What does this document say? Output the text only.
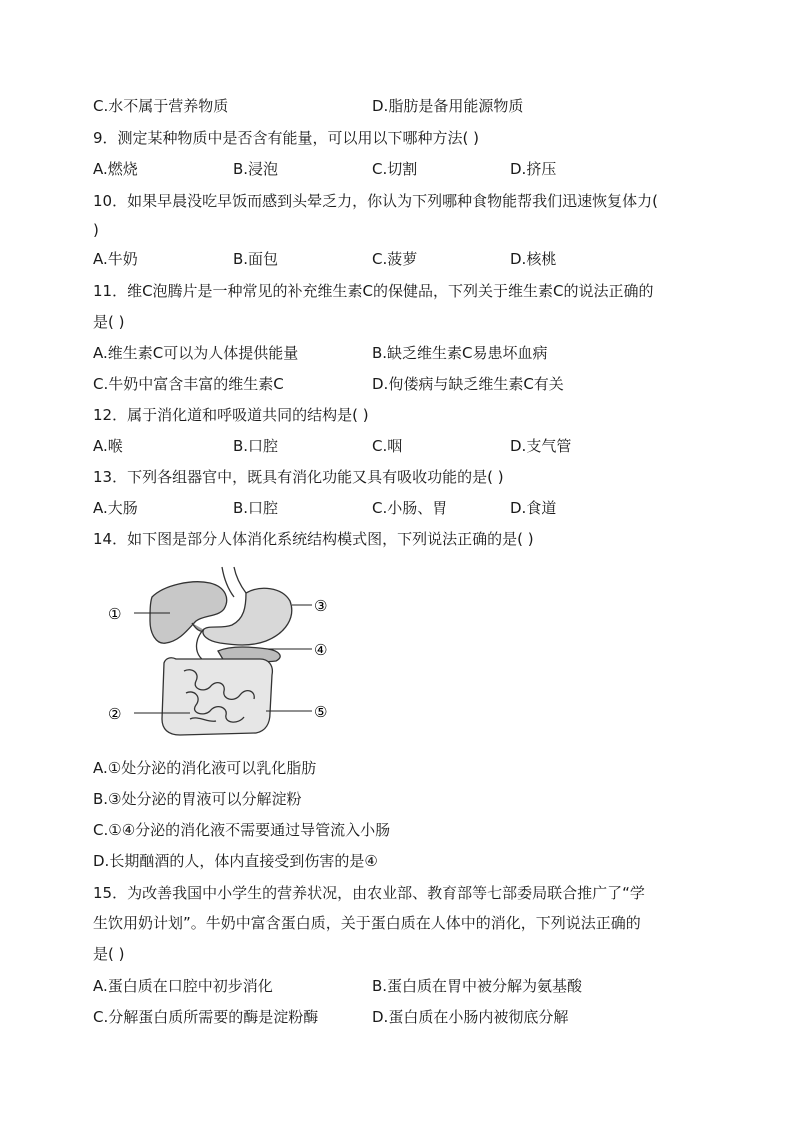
C.水不属于营养物质	D.脂肪是备用能源物质
9．测定某种物质中是否含有能量，可以用以下哪种方法( )
A.燃烧	B.浸泡	C.切割	D.挤压
10．如果早晨没吃早饭而感到头晕乏力，你认为下列哪种食物能帮我们迅速恢复体力(
)
A.牛奶	B.面包	C.菠萝	D.核桃
11．维C泡腾片是一种常见的补充维生素C的保健品，下列关于维生素C的说法正确的
是( )
A.维生素C可以为人体提供能量	B.缺乏维生素C易患坏血病
C.牛奶中富含丰富的维生素C	D.佝偻病与缺乏维生素C有关
12．属于消化道和呼吸道共同的结构是( )
A.喉	B.口腔	C.咽	D.支气管
13．下列各组器官中，既具有消化功能又具有吸收功能的是( )
A.大肠	B.口腔	C.小肠、胃	D.食道
14．如下图是部分人体消化系统结构模式图，下列说法正确的是( )
①
②
③
④
⑤
A.①处分泌的消化液可以乳化脂肪
B.③处分泌的胃液可以分解淀粉
C.①④分泌的消化液不需要通过导管流入小肠
D.长期酗酒的人，体内直接受到伤害的是④
15．为改善我国中小学生的营养状况，由农业部、教育部等七部委局联合推广了“学
生饮用奶计划”。牛奶中富含蛋白质，关于蛋白质在人体中的消化，下列说法正确的
是( )
A.蛋白质在口腔中初步消化	B.蛋白质在胃中被分解为氨基酸
C.分解蛋白质所需要的酶是淀粉酶	D.蛋白质在小肠内被彻底分解
